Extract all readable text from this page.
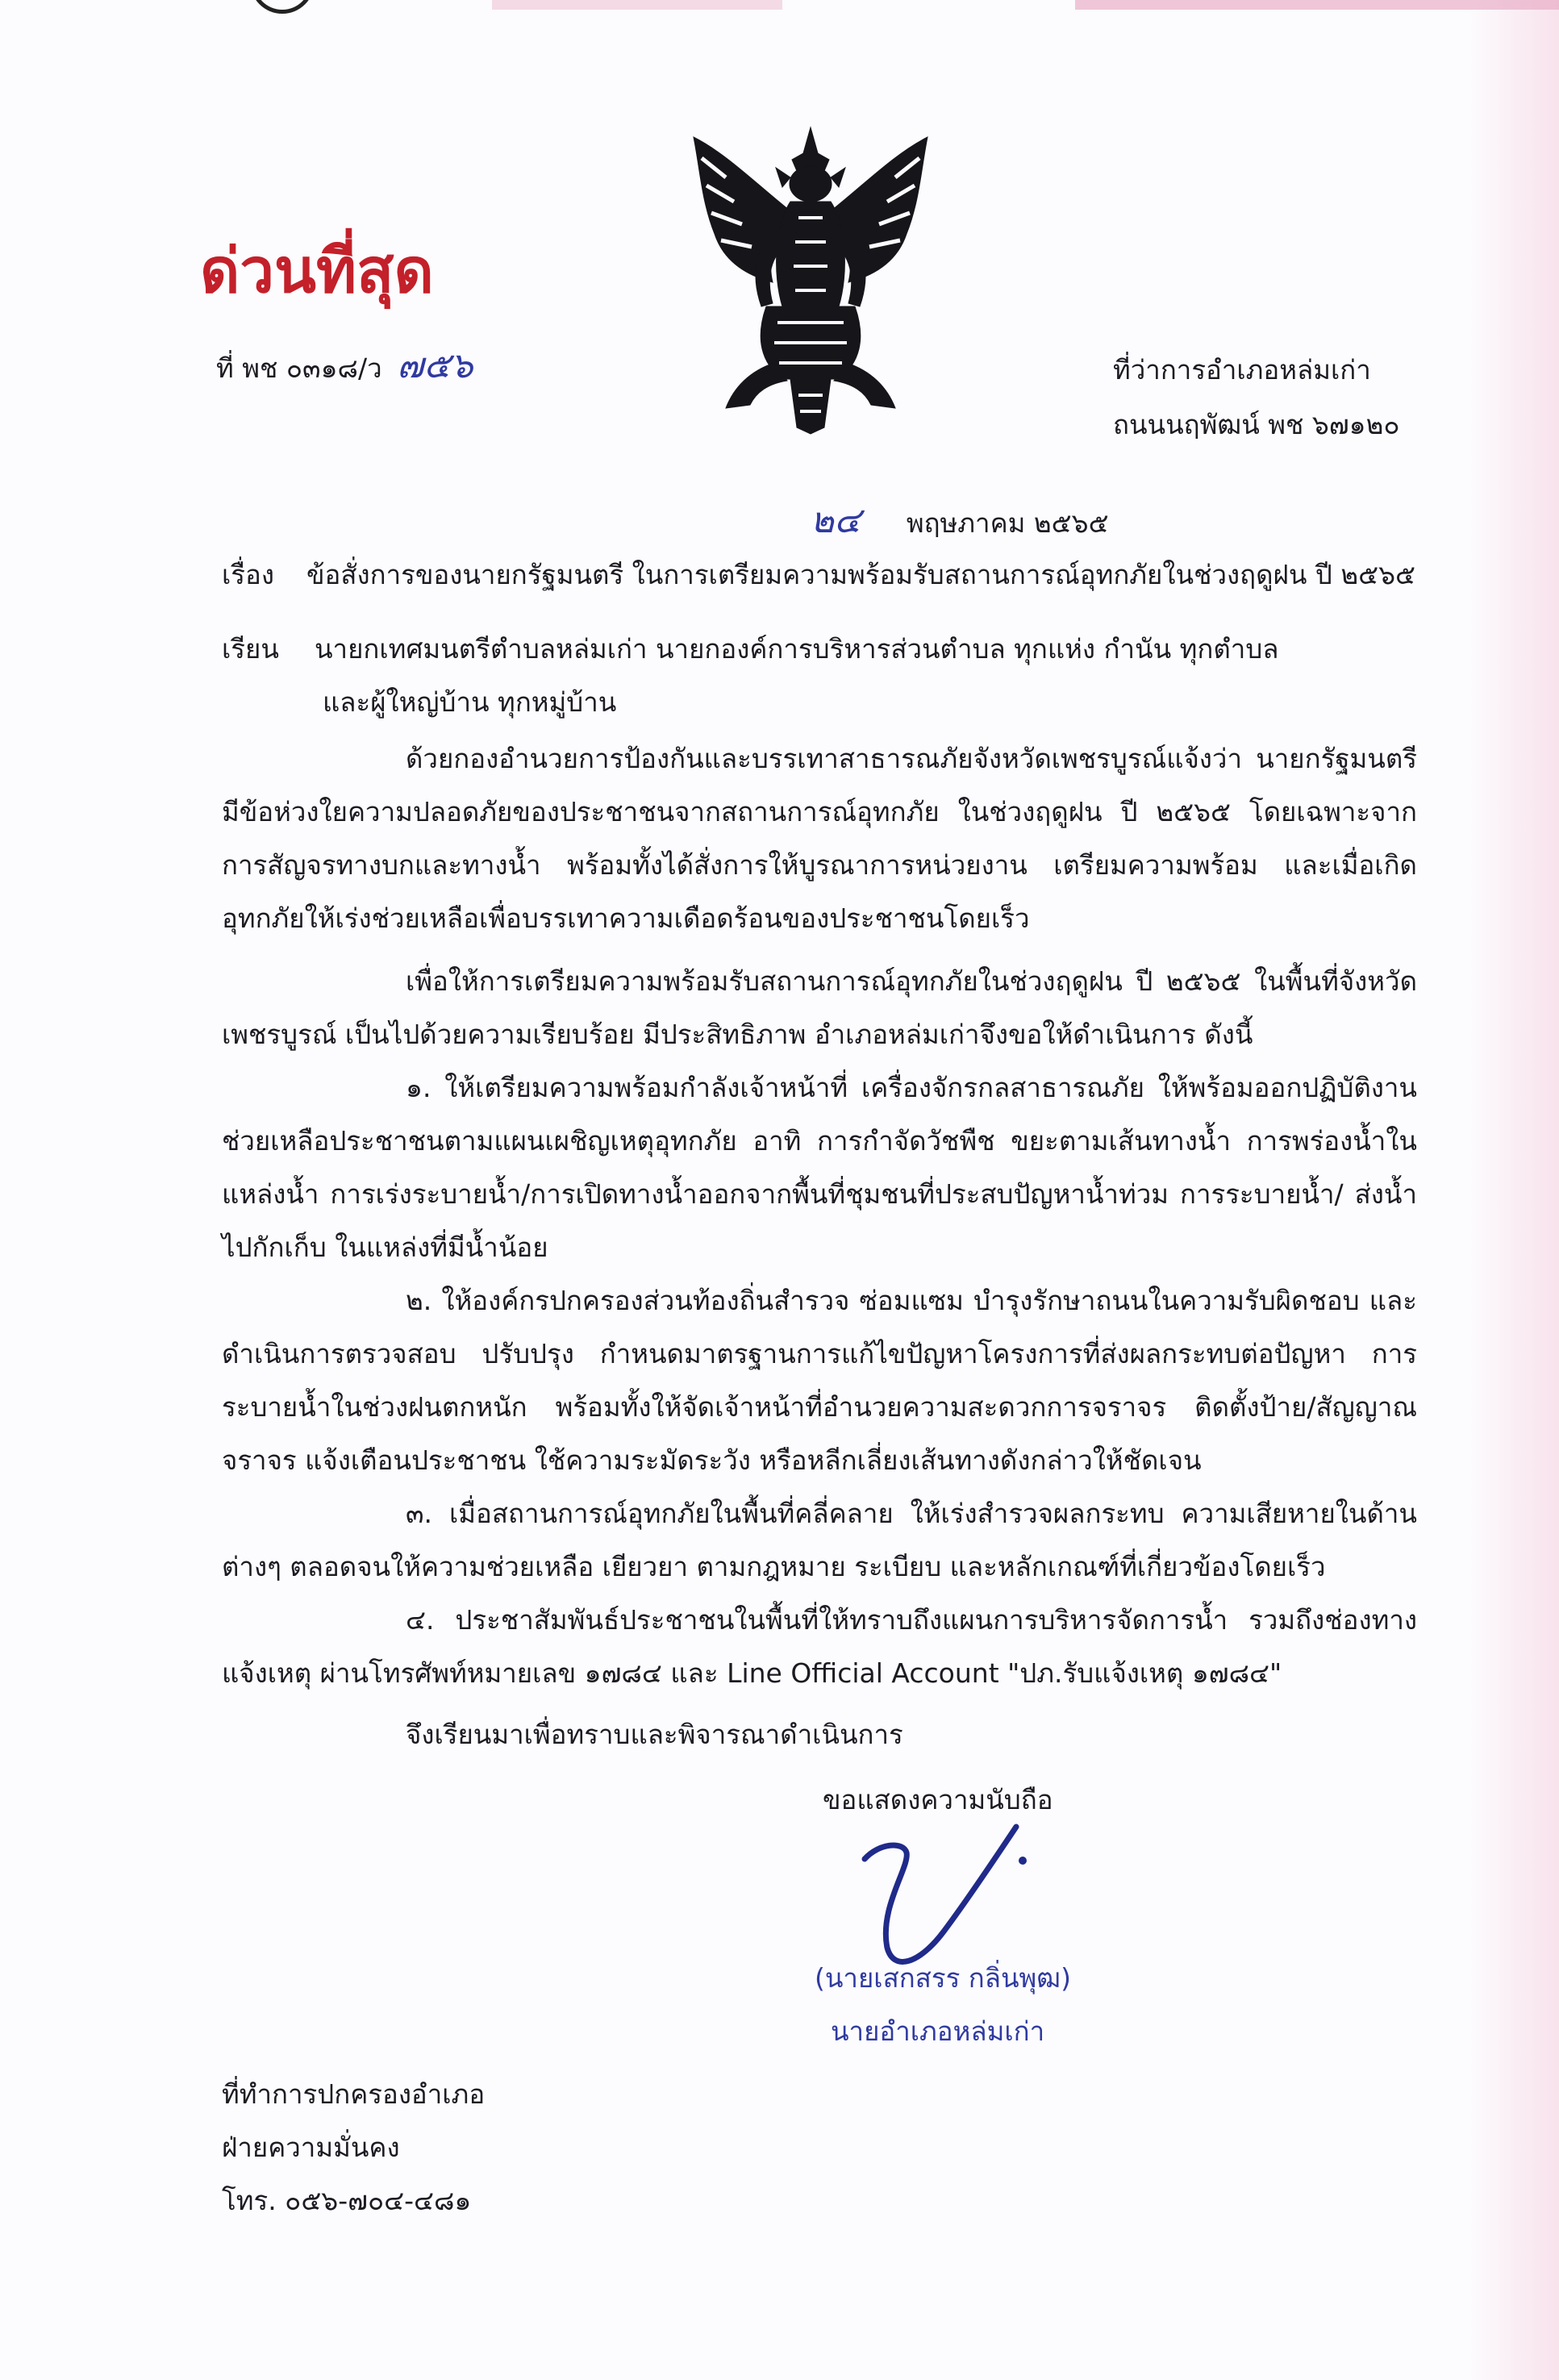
ด่วนที่สุด
ที่ พช ๐๓๑๘/ว ๗๕๖	ที่ว่าการอำเภอหล่มเก่า
ถนนนฤพัฒน์ พช ๖๗๑๒๐
๒๔ พฤษภาคม ๒๕๖๕
เรื่อง ข้อสั่งการของนายกรัฐมนตรี ในการเตรียมความพร้อมรับสถานการณ์อุทกภัยในช่วงฤดูฝน ปี ๒๕๖๕
เรียน นายกเทศมนตรีตำบลหล่มเก่า นายกองค์การบริหารส่วนตำบล ทุกแห่ง กำนัน ทุกตำบล
และผู้ใหญ่บ้าน ทุกหมู่บ้าน

ด้วยกองอำนวยการป้องกันและบรรเทาสาธารณภัยจังหวัดเพชรบูรณ์แจ้งว่า นายกรัฐมนตรีมีข้อห่วงใยความปลอดภัยของประชาชนจากสถานการณ์อุทกภัย ในช่วงฤดูฝน ปี ๒๕๖๕ โดยเฉพาะจากการสัญจรทางบกและทางน้ำ พร้อมทั้งได้สั่งการให้บูรณาการหน่วยงาน เตรียมความพร้อม และเมื่อเกิดอุทกภัยให้เร่งช่วยเหลือเพื่อบรรเทาความเดือดร้อนของประชาชนโดยเร็ว

เพื่อให้การเตรียมความพร้อมรับสถานการณ์อุทกภัยในช่วงฤดูฝน ปี ๒๕๖๕ ในพื้นที่จังหวัดเพชรบูรณ์ เป็นไปด้วยความเรียบร้อย มีประสิทธิภาพ อำเภอหล่มเก่าจึงขอให้ดำเนินการ ดังนี้

๑. ให้เตรียมความพร้อมกำลังเจ้าหน้าที่ เครื่องจักรกลสาธารณภัย ให้พร้อมออกปฏิบัติงาน ช่วยเหลือประชาชนตามแผนเผชิญเหตุอุทกภัย อาทิ การกำจัดวัชพืช ขยะตามเส้นทางน้ำ การพร่องน้ำในแหล่งน้ำ การเร่งระบายน้ำ/การเปิดทางน้ำออกจากพื้นที่ชุมชนที่ประสบปัญหาน้ำท่วม การระบายน้ำ/ ส่งน้ำไปกักเก็บ ในแหล่งที่มีน้ำน้อย

๒. ให้องค์กรปกครองส่วนท้องถิ่นสำรวจ ซ่อมแซม บำรุงรักษาถนนในความรับผิดชอบ และดำเนินการตรวจสอบ ปรับปรุง กำหนดมาตรฐานการแก้ไขปัญหาโครงการที่ส่งผลกระทบต่อปัญหา การระบายน้ำในช่วงฝนตกหนัก พร้อมทั้งให้จัดเจ้าหน้าที่อำนวยความสะดวกการจราจร ติดตั้งป้าย/สัญญาณจราจร แจ้งเตือนประชาชน ใช้ความระมัดระวัง หรือหลีกเลี่ยงเส้นทางดังกล่าวให้ชัดเจน

๓. เมื่อสถานการณ์อุทกภัยในพื้นที่คลี่คลาย ให้เร่งสำรวจผลกระทบ ความเสียหายในด้านต่างๆ ตลอดจนให้ความช่วยเหลือ เยียวยา ตามกฎหมาย ระเบียบ และหลักเกณฑ์ที่เกี่ยวข้องโดยเร็ว

๔. ประชาสัมพันธ์ประชาชนในพื้นที่ให้ทราบถึงแผนการบริหารจัดการน้ำ รวมถึงช่องทางแจ้งเหตุ ผ่านโทรศัพท์หมายเลข ๑๗๘๔ และ Line Official Account "ปภ.รับแจ้งเหตุ ๑๗๘๔"

จึงเรียนมาเพื่อทราบและพิจารณาดำเนินการ

ขอแสดงความนับถือ
(นายเสกสรร กลิ่นพุฒ)
นายอำเภอหล่มเก่า
ที่ทำการปกครองอำเภอ
ฝ่ายความมั่นคง
โทร. ๐๕๖-๗๐๔-๔๘๑
